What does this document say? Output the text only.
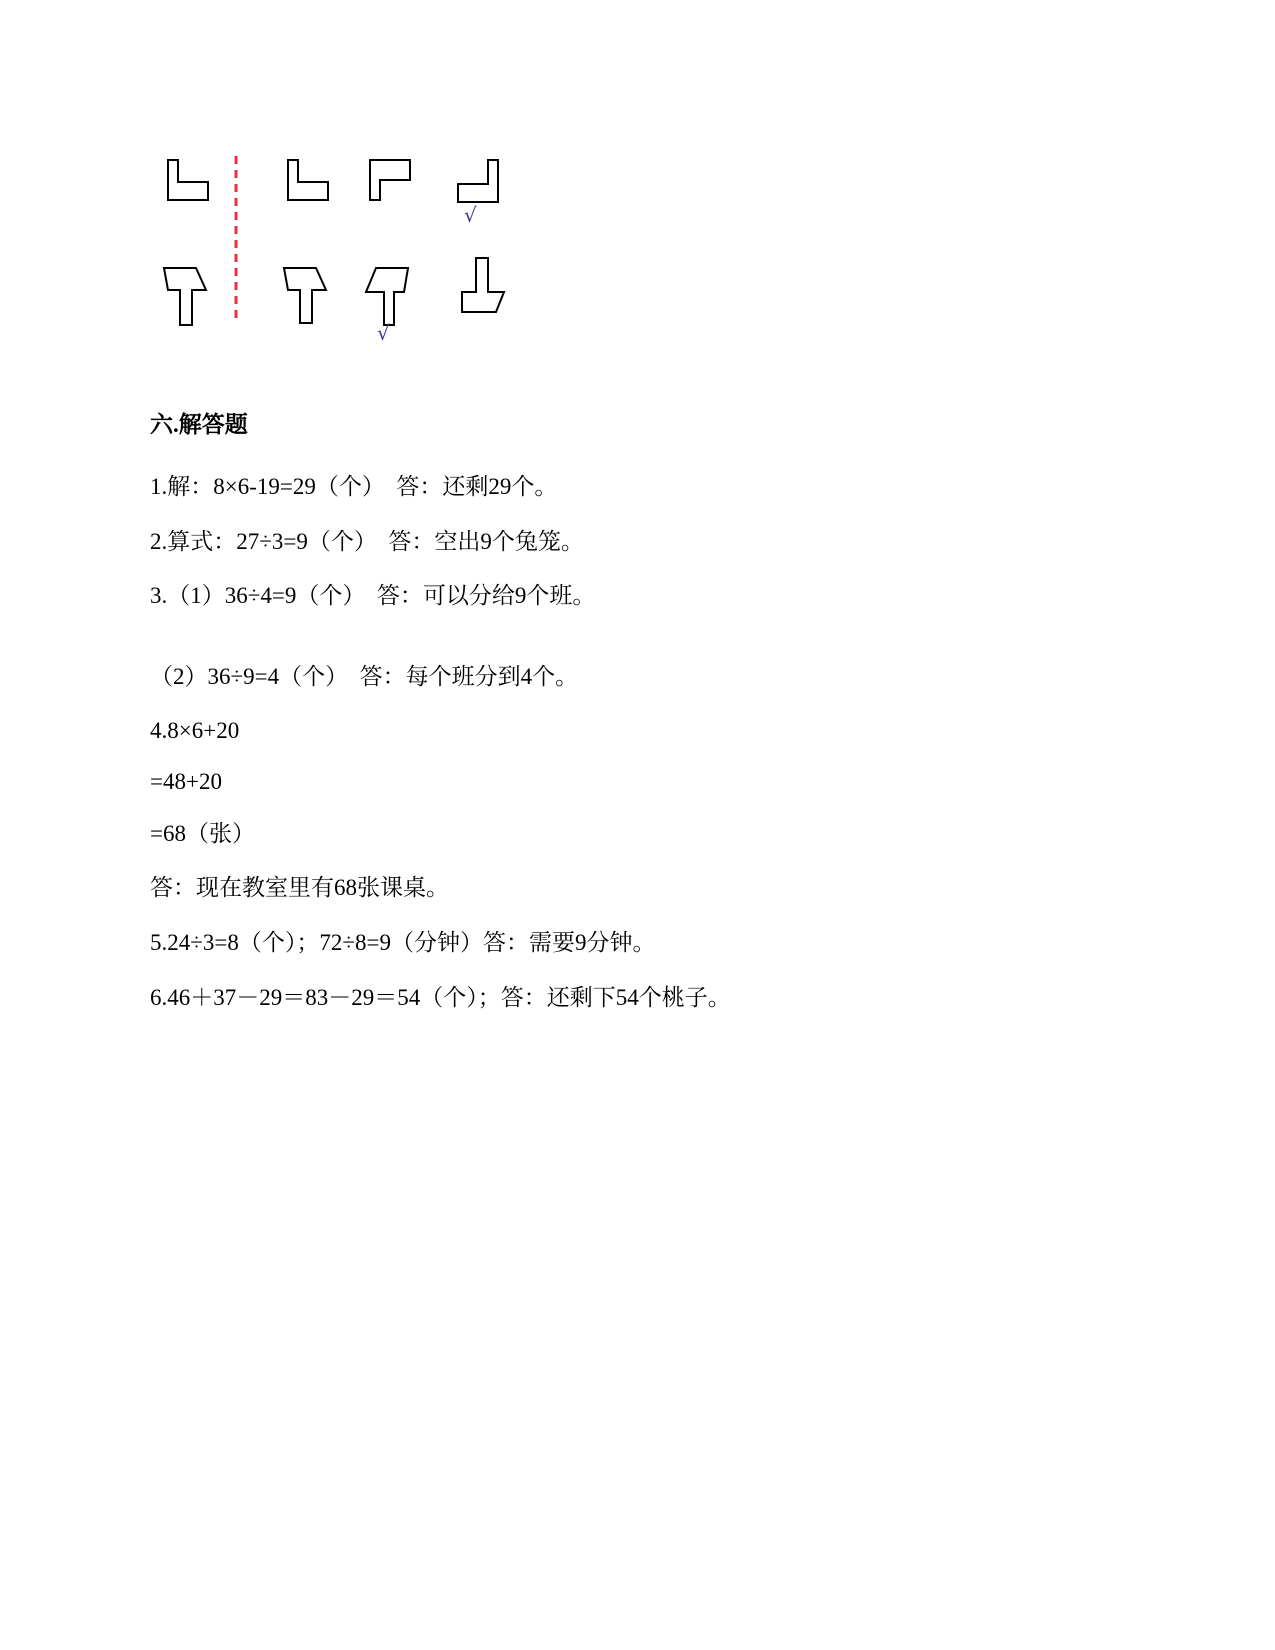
√
√
六.解答题
1.解：8×6-19=29（个）  答：还剩29个。
2.算式：27÷3=9（个）  答：空出9个兔笼。
3.（1）36÷4=9（个）  答：可以分给9个班。
（2）36÷9=4（个）  答：每个班分到4个。
4.8×6+20
=48+20
=68（张）
答：现在教室里有68张课桌。
5.24÷3=8（个）；72÷8=9（分钟）答：需要9分钟。
6.46＋37－29＝83－29＝54（个）；答：还剩下54个桃子。
